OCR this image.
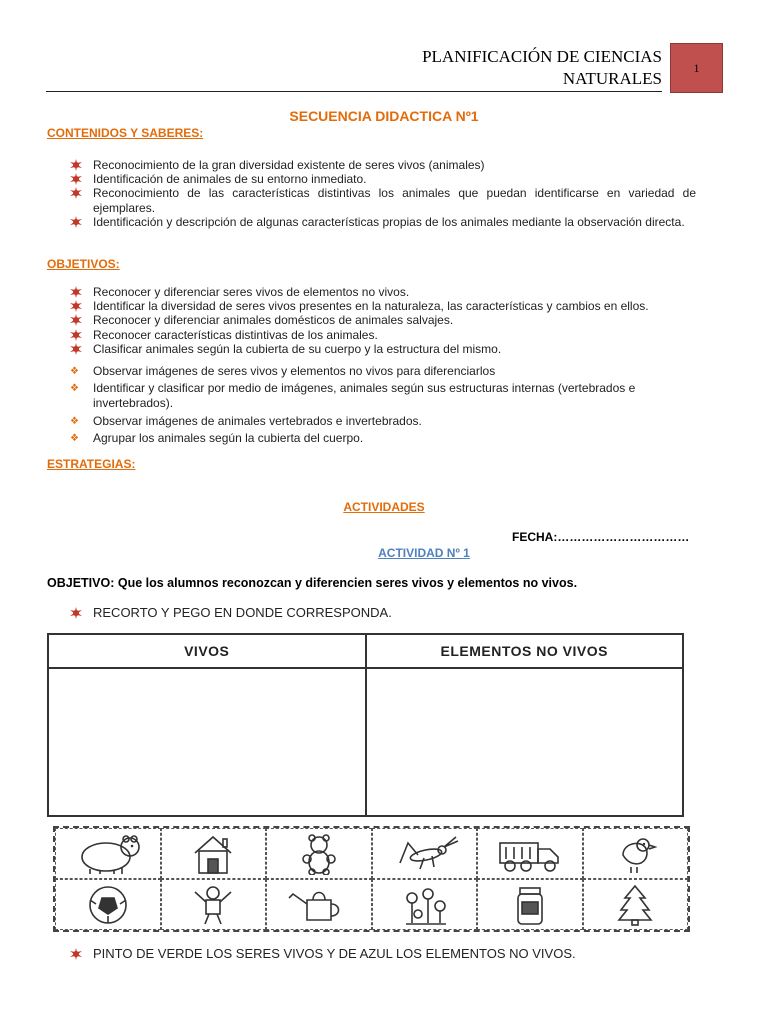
PLANIFICACIÓN DE CIENCIAS
NATURALES
1
SECUENCIA DIDACTICA Nº1
CONTENIDOS Y SABERES:
Reconocimiento de la gran diversidad existente de seres vivos (animales)
Identificación de animales de su entorno inmediato.
Reconocimiento de las características distintivas los animales que puedan identificarse en variedad de ejemplares.
Identificación y descripción de algunas características propias de los animales mediante la observación directa.
OBJETIVOS:
Reconocer y diferenciar seres vivos de elementos no vivos.
Identificar la diversidad de seres vivos presentes en la naturaleza, las características y cambios en ellos.
Reconocer y diferenciar animales domésticos de animales salvajes.
Reconocer características distintivas de los animales.
Clasificar animales según la cubierta de su cuerpo y la estructura del mismo.
❖ Observar imágenes de seres vivos y elementos no vivos para diferenciarlos
❖ Identificar y clasificar por medio de imágenes, animales según sus estructuras internas (vertebrados e invertebrados).
❖ Observar imágenes de animales vertebrados e invertebrados.
❖ Agrupar los animales según la cubierta del cuerpo.
ESTRATEGIAS:
ACTIVIDADES
FECHA:……………………………
ACTIVIDAD Nº 1
OBJETIVO: Que los alumnos reconozcan y diferencien seres vivos y elementos no vivos.
RECORTO Y PEGO EN DONDE CORRESPONDA.
VIVOS	ELEMENTOS NO VIVOS

PINTO DE VERDE LOS SERES VIVOS Y DE AZUL LOS ELEMENTOS NO VIVOS.
